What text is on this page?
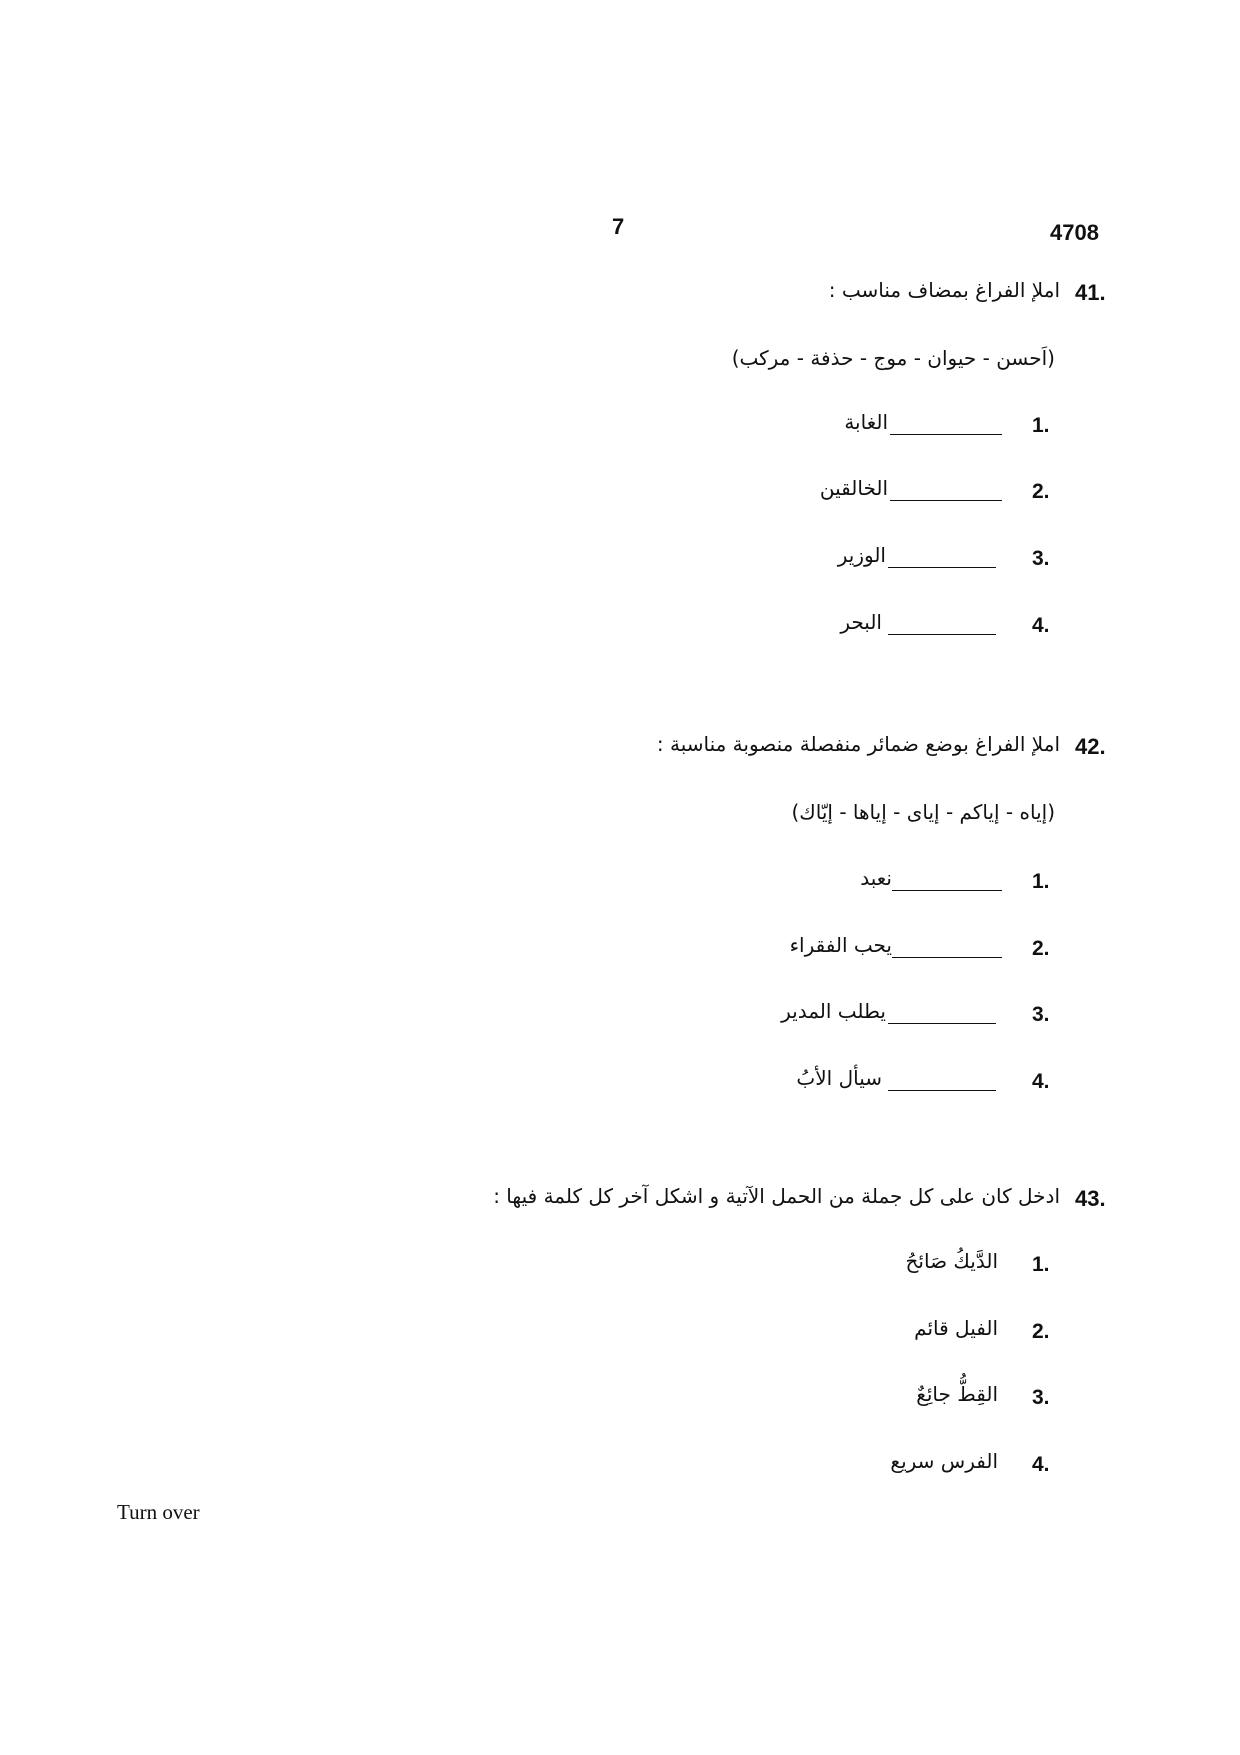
7	4708
41.
املإ الفراغ بمضاف مناسب :
(اَحسن - حيوان - موج - حذفة - مركب)
1.
الغابة
2.
الخالقين
3.
الوزير
4.
البحر
42.
املإ الفراغ بوضع ضمائر منفصلة منصوبة مناسبة :
(إياه - إياكم - إياى - إياها - إيّاك)
1.
نعبد
2.
يحب الفقراء
3.
يطلب المدير
4.
سيأل الأبُ
43.
ادخل كان على كل جملة من الحمل الآتية و اشكل آخر كل كلمة فيها :
1.
الدَّيكُ صَائحُ
2.
الفيل قائم
3.
القِطُّ جائِعٌ
4.
الفرس سريع
Turn over
